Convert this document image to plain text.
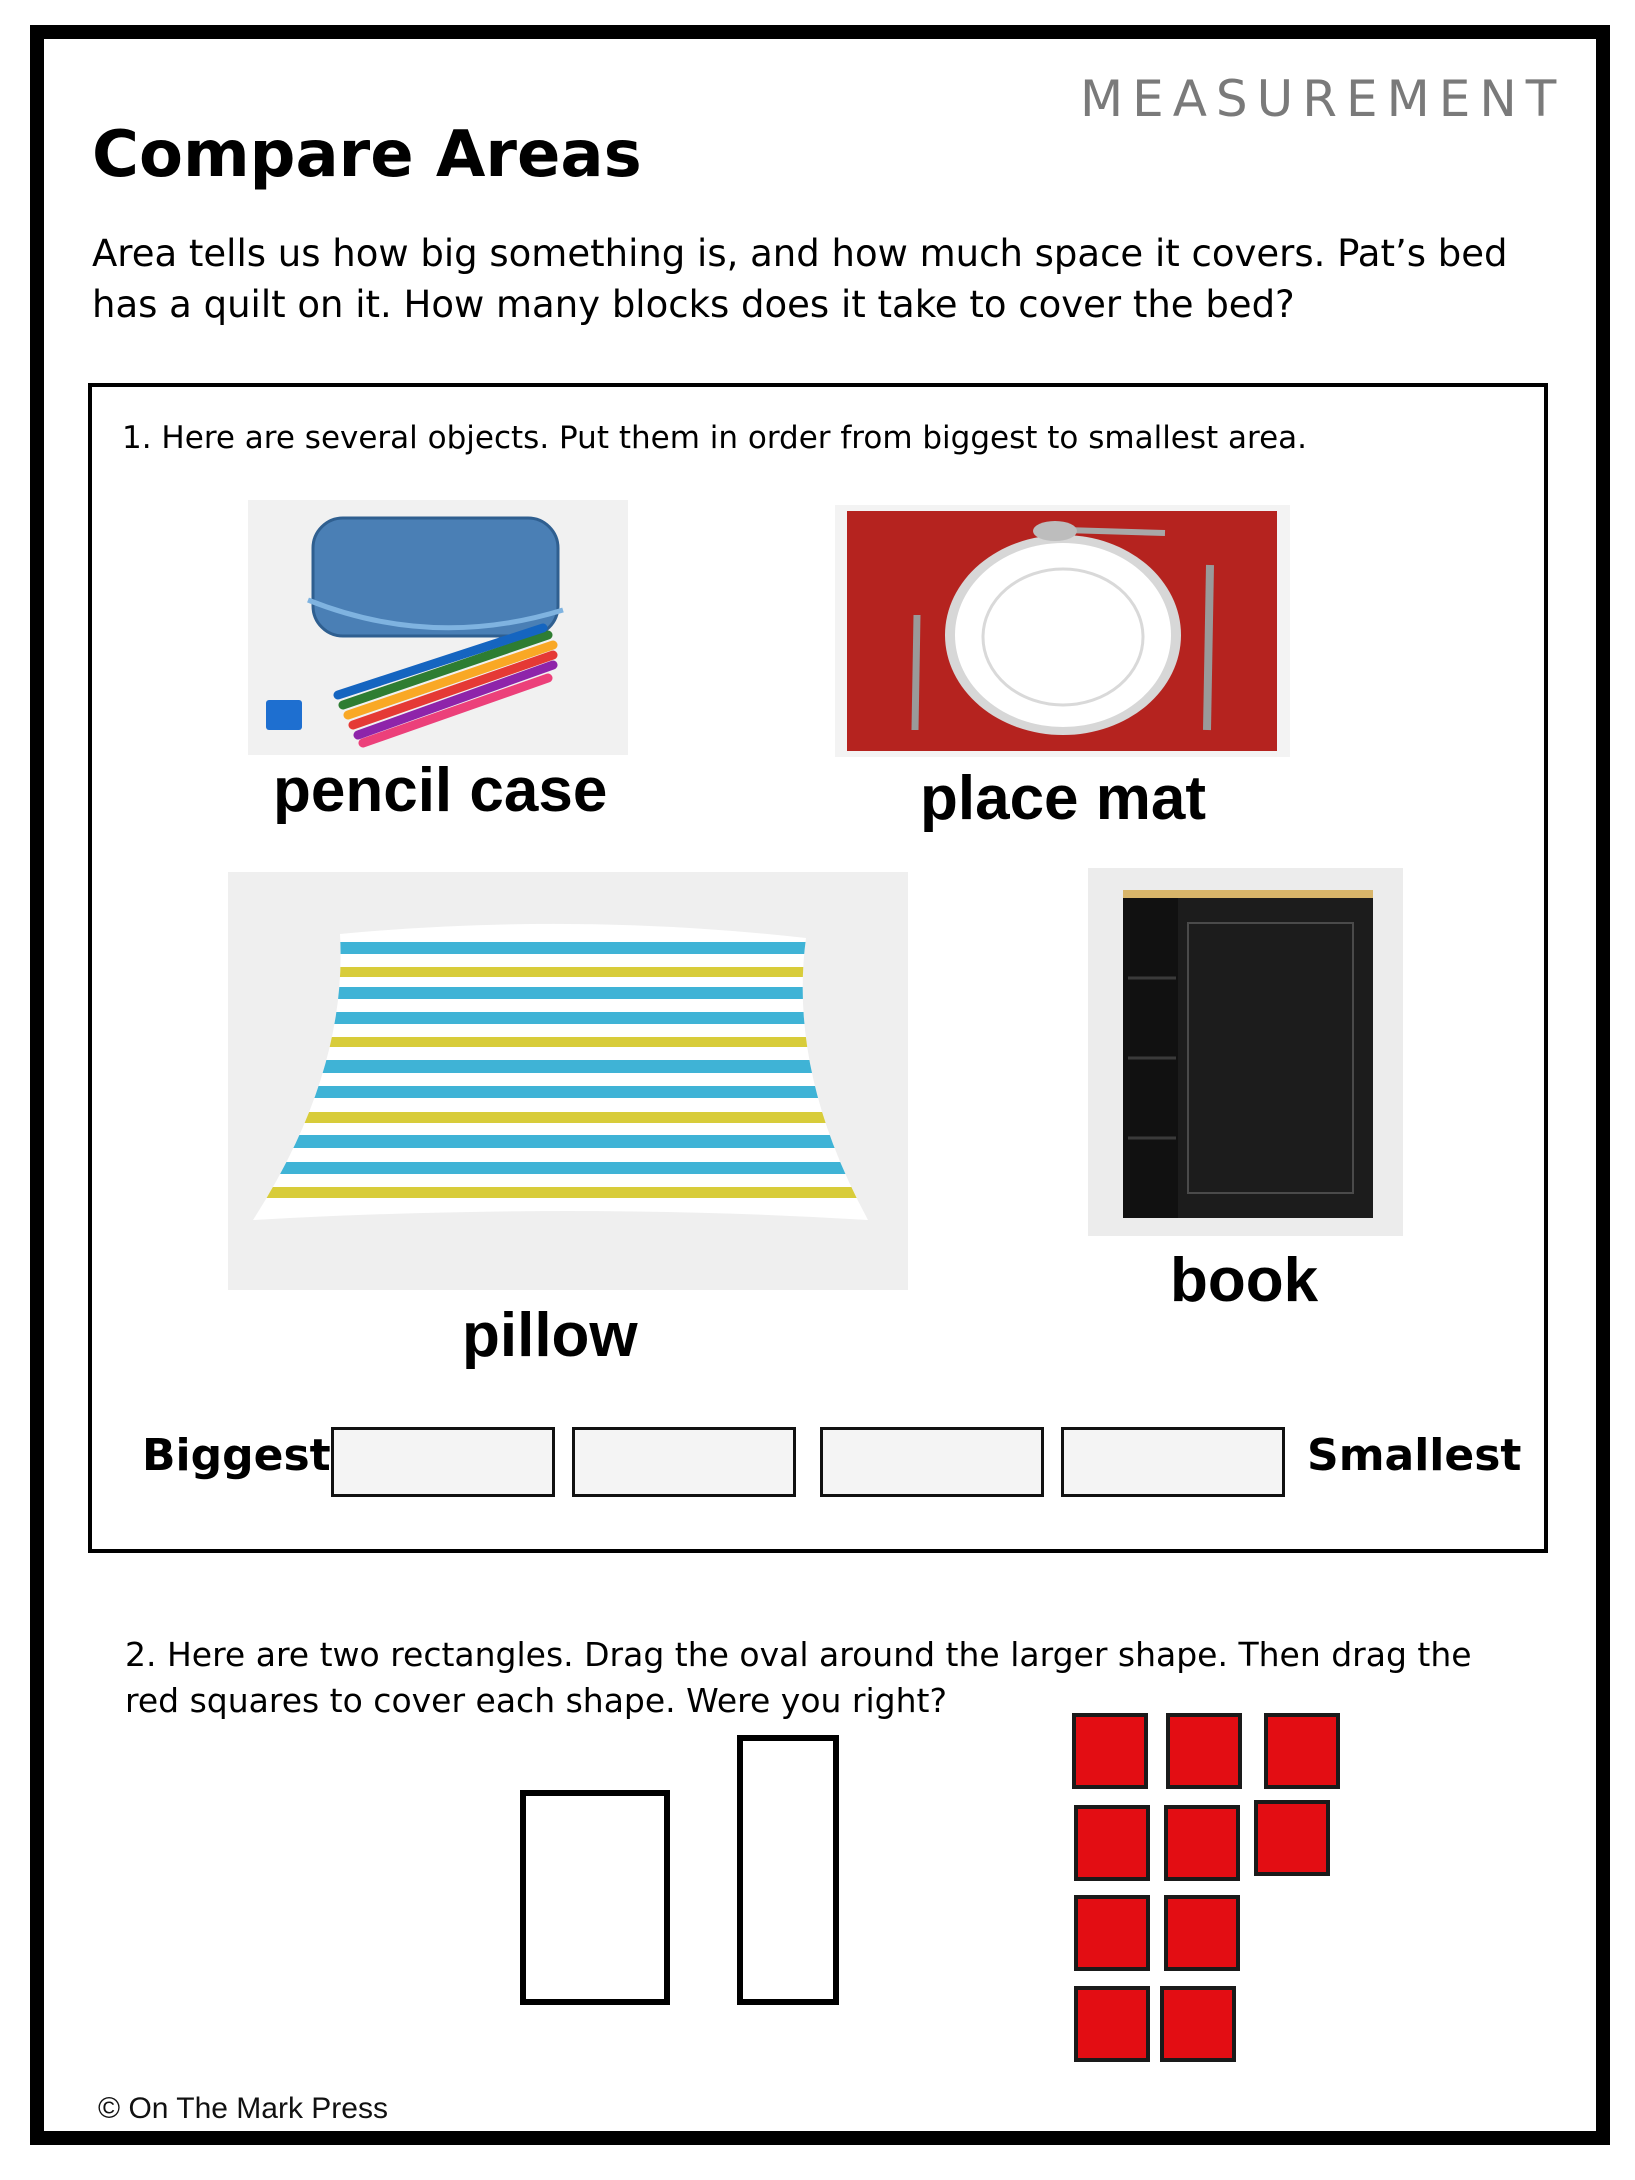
MEASUREMENT
Compare Areas
Area tells us how big something is, and how much space it covers. Pat’s bed has a quilt on it. How many blocks does it take to cover the bed?
1. Here are several objects. Put them in order from biggest to smallest area.
pencil case	place mat
pillow
book
Biggest	Smallest
2. Here are two rectangles. Drag the oval around the larger shape. Then drag the red squares to cover each shape. Were you right?
© On The Mark Press
